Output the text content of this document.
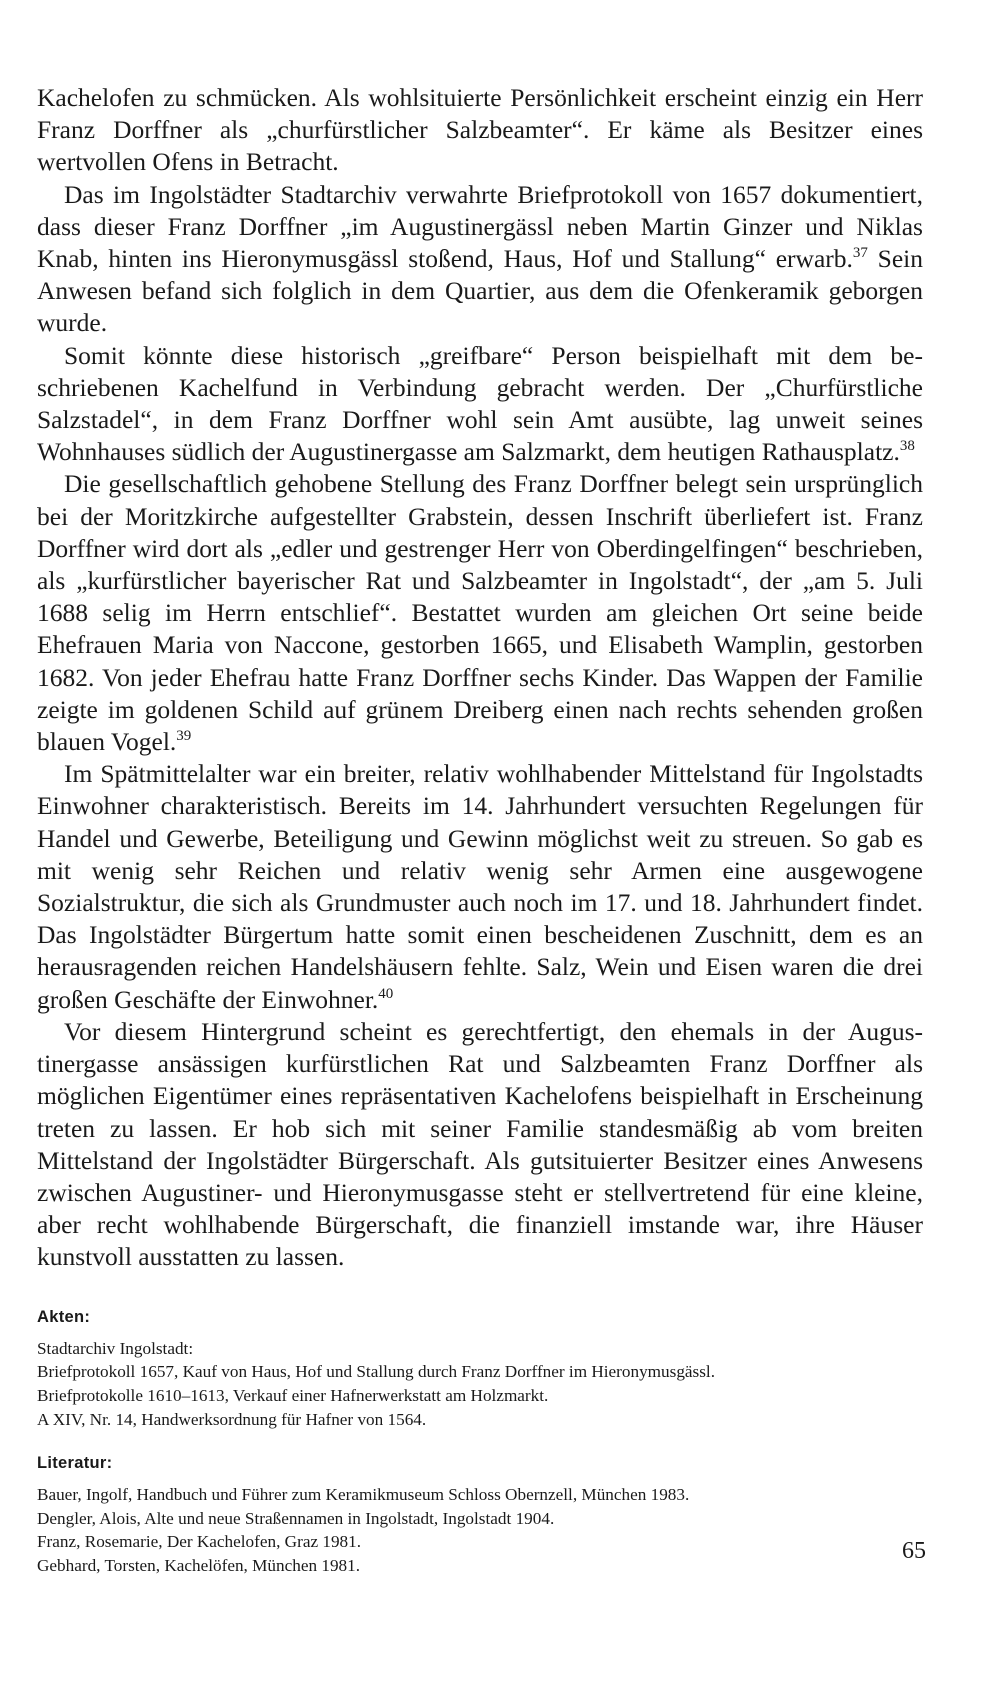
Kachelofen zu schmücken. Als wohlsituierte Persönlichkeit erscheint einzig ein Herr Franz Dorffner als „churfürstlicher Salzbeamter“. Er käme als Besitzer eines wertvollen Ofens in Betracht.

Das im Ingolstädter Stadtarchiv verwahrte Briefprotokoll von 1657 dokumentiert, dass dieser Franz Dorffner „im Augustinergässl neben Martin Ginzer und Niklas Knab, hinten ins Hieronymusgässl stoßend, Haus, Hof und Stallung“ erwarb.$^{37}$ Sein Anwesen befand sich folglich in dem Quartier, aus dem die Ofenkeramik geborgen wurde.

Somit könnte diese historisch „greifbare“ Person beispielhaft mit dem beschriebenen Kachelfund in Verbindung gebracht werden. Der „Churfürstliche Salzstadel“, in dem Franz Dorffner wohl sein Amt ausübte, lag unweit seines Wohnhauses südlich der Augustinergasse am Salzmarkt, dem heutigen Rathausplatz.$^{38}$

Die gesellschaftlich gehobene Stellung des Franz Dorffner belegt sein ursprünglich bei der Moritzkirche aufgestellter Grabstein, dessen Inschrift überliefert ist. Franz Dorffner wird dort als „edler und gestrenger Herr von Oberdingelfingen“ beschrieben, als „kurfürstlicher bayerischer Rat und Salzbeamter in Ingolstadt“, der „am 5. Juli 1688 selig im Herrn entschlief“. Bestattet wurden am gleichen Ort seine beide Ehefrauen Maria von Naccone, gestorben 1665, und Elisabeth Wamplin, gestorben 1682. Von jeder Ehefrau hatte Franz Dorffner sechs Kinder. Das Wappen der Familie zeigte im goldenen Schild auf grünem Dreiberg einen nach rechts sehenden großen blauen Vogel.$^{39}$

Im Spätmittelalter war ein breiter, relativ wohlhabender Mittelstand für Ingolstadts Einwohner charakteristisch. Bereits im 14. Jahrhundert versuchten Regelungen für Handel und Gewerbe, Beteiligung und Gewinn möglichst weit zu streuen. So gab es mit wenig sehr Reichen und relativ wenig sehr Armen eine ausgewogene Sozialstruktur, die sich als Grundmuster auch noch im 17. und 18. Jahrhundert findet. Das Ingolstädter Bürgertum hatte somit einen bescheidenen Zuschnitt, dem es an herausragenden reichen Handelshäusern fehlte. Salz, Wein und Eisen waren die drei großen Geschäfte der Einwohner.$^{40}$

Vor diesem Hintergrund scheint es gerechtfertigt, den ehemals in der Augustinergasse ansässigen kurfürstlichen Rat und Salzbeamten Franz Dorffner als möglichen Eigentümer eines repräsentativen Kachelofens beispielhaft in Erscheinung treten zu lassen. Er hob sich mit seiner Familie standesmäßig ab vom breiten Mittelstand der Ingolstädter Bürgerschaft. Als gutsituierter Besitzer eines Anwesens zwischen Augustiner- und Hieronymusgasse steht er stellvertretend für eine kleine, aber recht wohlhabende Bürgerschaft, die finanziell imstande war, ihre Häuser kunstvoll ausstatten zu lassen.

Akten:
Stadtarchiv Ingolstadt:
Briefprotokoll 1657, Kauf von Haus, Hof und Stallung durch Franz Dorffner im Hieronymusgässl.
Briefprotokolle 1610–1613, Verkauf einer Hafnerwerkstatt am Holzmarkt.
A XIV, Nr. 14, Handwerksordnung für Hafner von 1564.
Literatur:
Bauer, Ingolf, Handbuch und Führer zum Keramikmuseum Schloss Obernzell, München 1983.
Dengler, Alois, Alte und neue Straßennamen in Ingolstadt, Ingolstadt 1904.
Franz, Rosemarie, Der Kachelofen, Graz 1981.
Gebhard, Torsten, Kachelöfen, München 1981.
65
